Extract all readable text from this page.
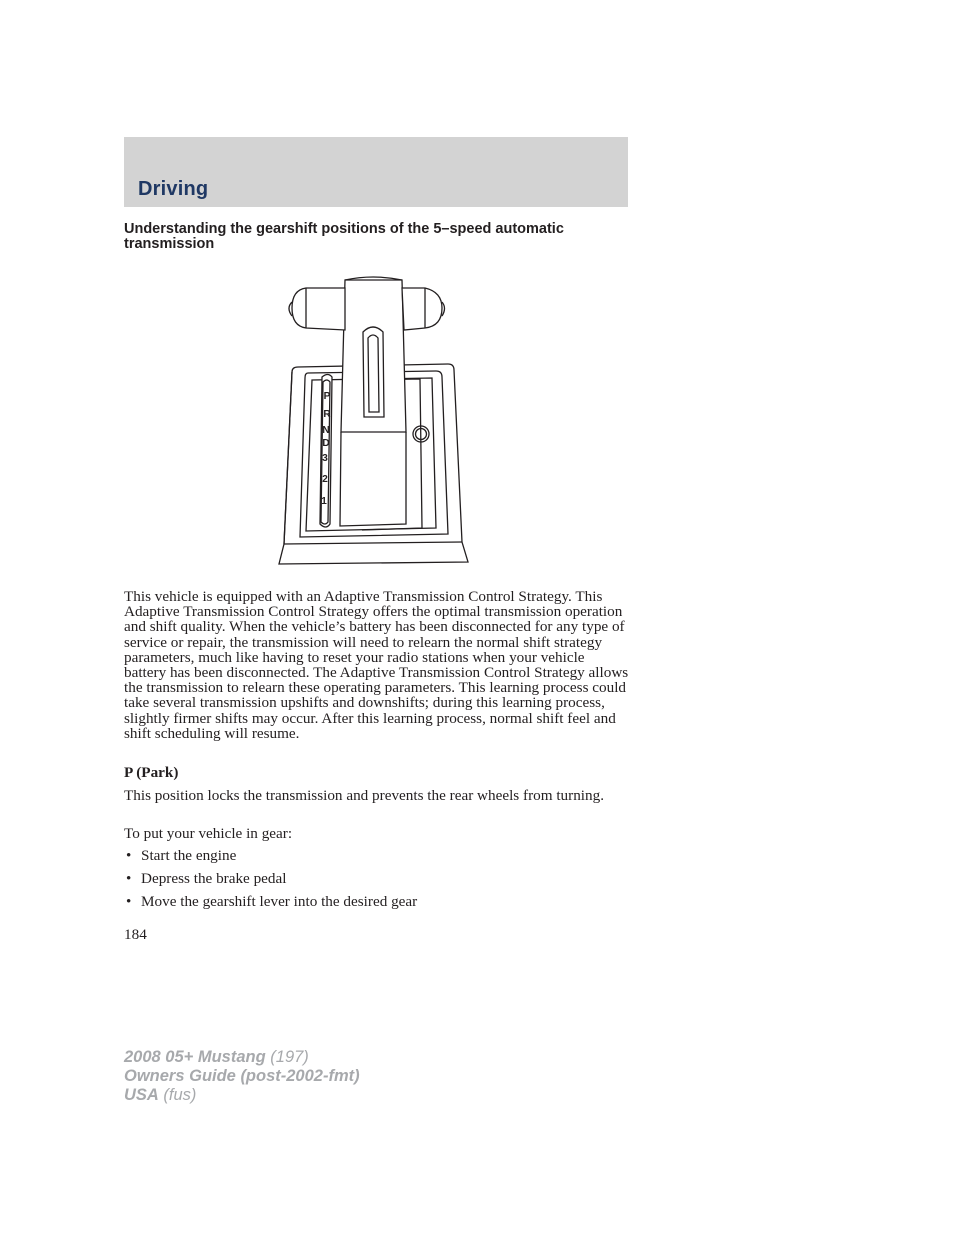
Driving
Understanding the gearshift positions of the 5–speed automatic transmission
P
R
N
D
3
2
1

This vehicle is equipped with an Adaptive Transmission Control Strategy. This Adaptive Transmission Control Strategy offers the optimal transmission operation and shift quality. When the vehicle’s battery has been disconnected for any type of service or repair, the transmission will need to relearn the normal shift strategy parameters, much like having to reset your radio stations when your vehicle battery has been disconnected. The Adaptive Transmission Control Strategy allows the transmission to relearn these operating parameters. This learning process could take several transmission upshifts and downshifts; during this learning process, slightly firmer shifts may occur. After this learning process, normal shift feel and shift scheduling will resume.

P (Park)

This position locks the transmission and prevents the rear wheels from turning.

To put your vehicle in gear:

• Start the engine
• Depress the brake pedal
• Move the gearshift lever into the desired gear
184
2008 05+ Mustang (197)
Owners Guide (post-2002-fmt)
USA (fus)
